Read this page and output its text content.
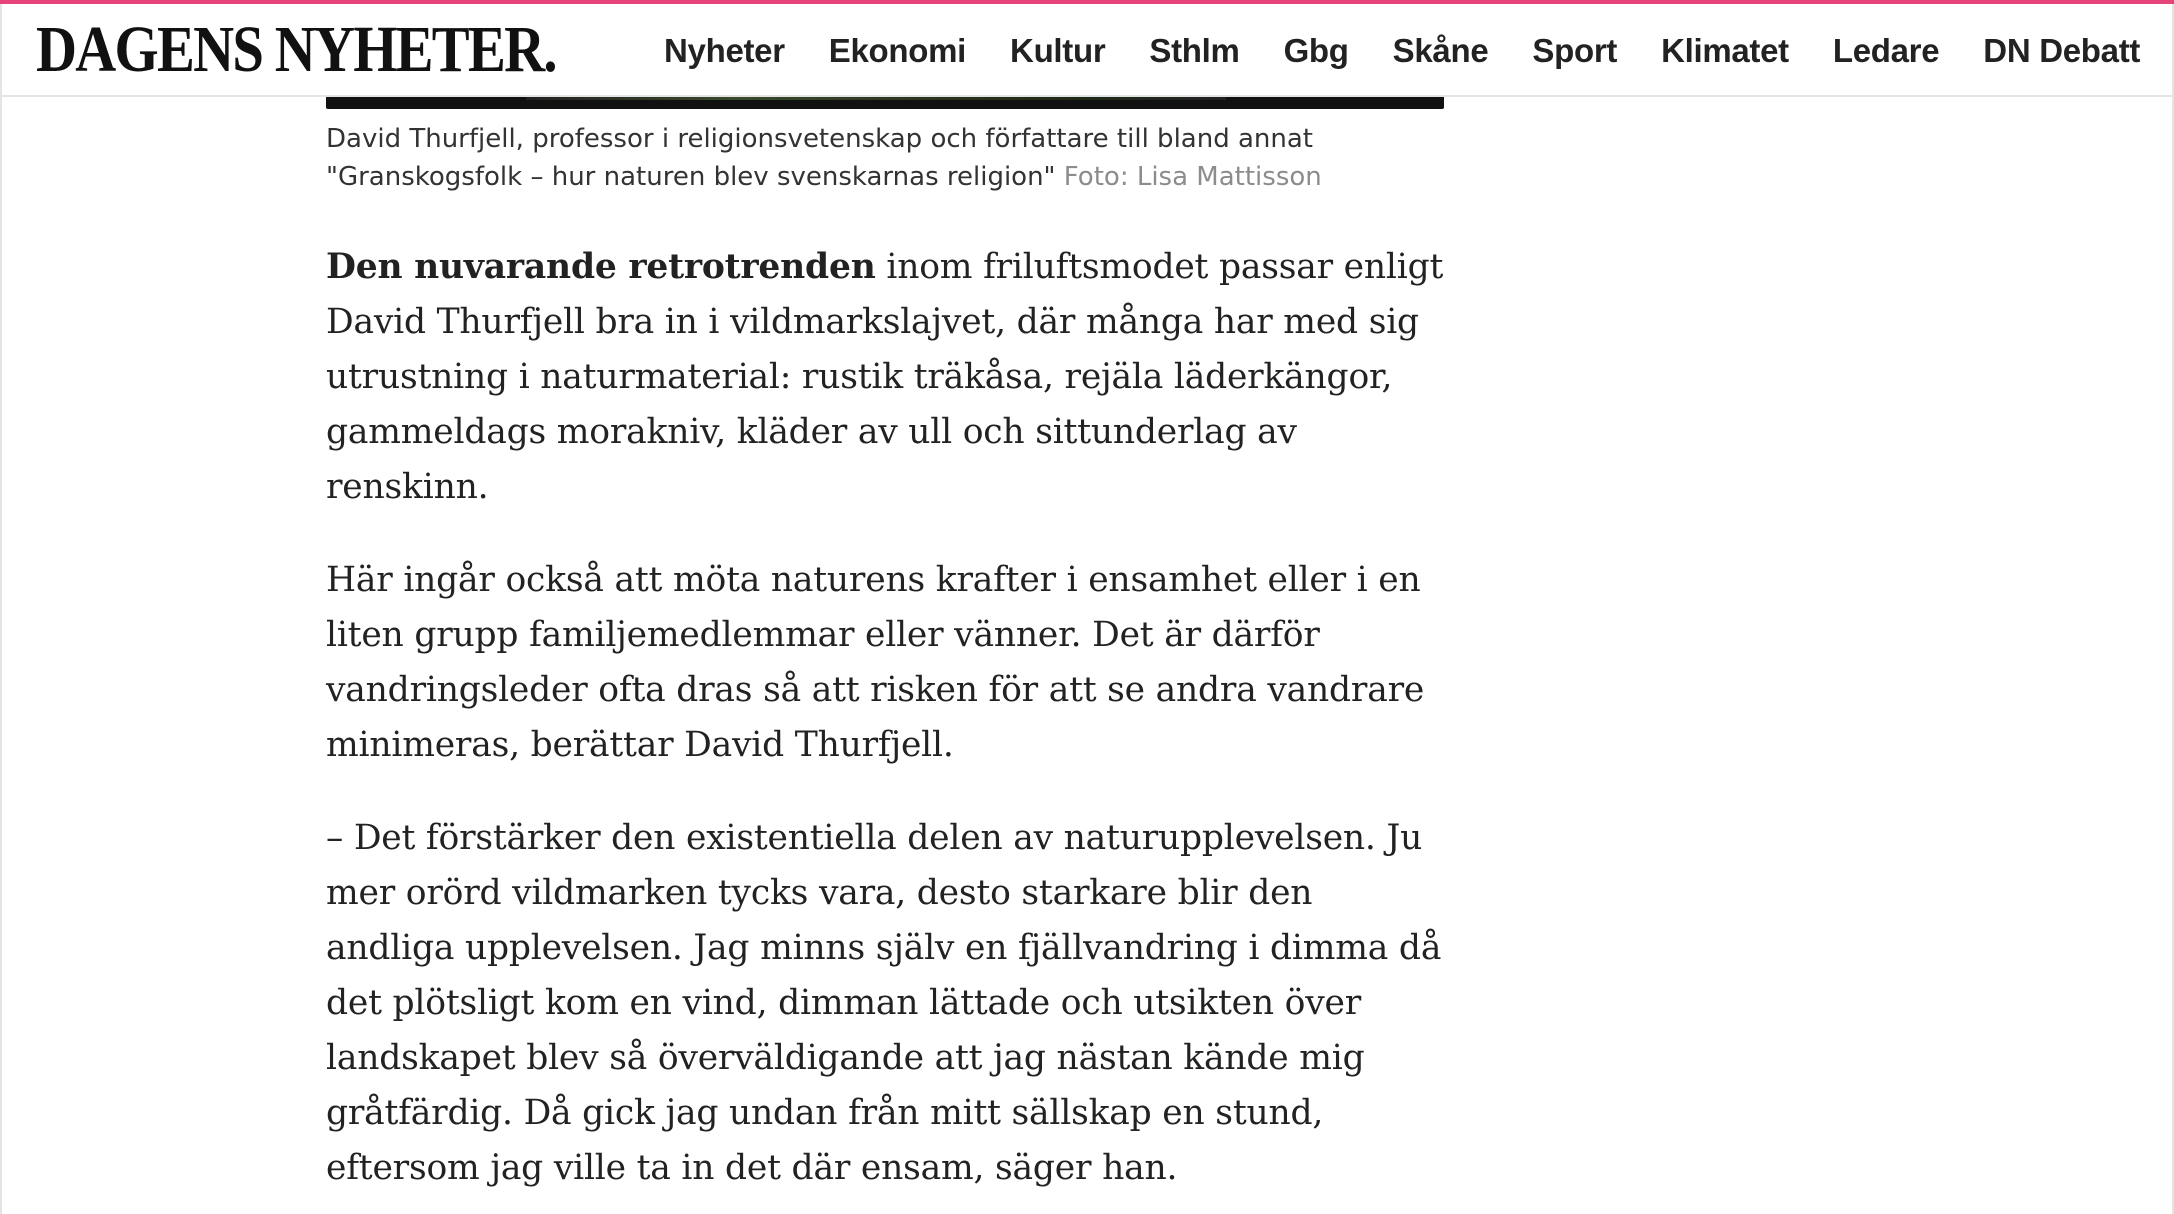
DAGENS NYHETER.	Nyheter Ekonomi Kultur Sthlm Gbg Skåne Sport Klimatet Ledare DN Debatt
David Thurfjell, professor i religionsvetenskap och författare till bland annat "Granskogsfolk – hur naturen blev svenskarnas religion" Foto: Lisa Mattisson

Den nuvarande retrotrenden inom friluftsmodet passar enligt David Thurfjell bra in i vildmarkslajvet, där många har med sig utrustning i naturmaterial: rustik träkåsa, rejäla läderkängor, gammeldags morakniv, kläder av ull och sittunderlag av renskinn.

Här ingår också att möta naturens krafter i ensamhet eller i en liten grupp familjemedlemmar eller vänner. Det är därför vandringsleder ofta dras så att risken för att se andra vandrare minimeras, berättar David Thurfjell.

– Det förstärker den existentiella delen av naturupplevelsen. Ju mer orörd vildmarken tycks vara, desto starkare blir den andliga upplevelsen. Jag minns själv en fjällvandring i dimma då det plötsligt kom en vind, dimman lättade och utsikten över landskapet blev så överväldigande att jag nästan kände mig gråtfärdig. Då gick jag undan från mitt sällskap en stund, eftersom jag ville ta in det där ensam, säger han.
